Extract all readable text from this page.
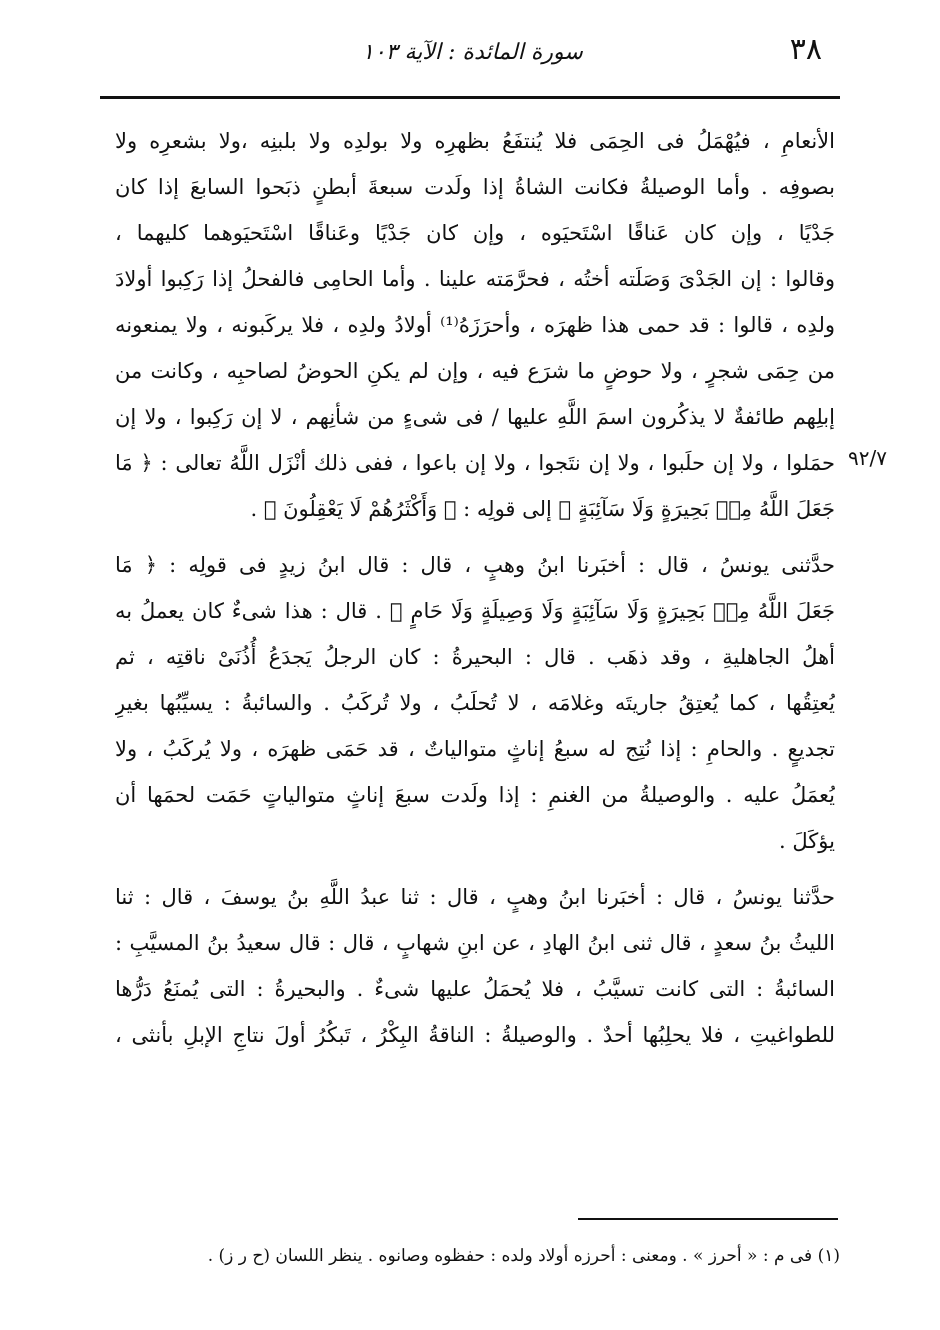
٣٨
سورة المائدة : الآية ١٠٣
٩٢/٧
الأنعامِ ، فيُهْمَلُ فى الحِمَى فلا يُنتفَعُ بظهرِه ولا بولدِه ولا بلبنِه ،ولا بشعرِه ولا
بصوفِه . وأما الوصيلةُ فكانت الشاةُ إذا ولَدت سبعةَ أبطنٍ ذبَحوا السابعَ إذا كان
جَدْيًا ، وإن كان عَناقًا اسْتَحيَوه ، وإن كان جَدْيًا وعَناقًا اسْتَحيَوهما كليهما ،
وقالوا : إن الجَدْىَ وَصَلَته أختُه ، فحرَّمَته علينا . وأما الحامِى فالفحلُ إذا رَكِبوا أولادَ
ولدِه ، قالوا : قد حمى هذا ظهرَه ، وأحرَزَهُ⁽¹⁾ أولادُ ولدِه ، فلا يركَبونه ، ولا يمنعونه
من حِمَى شجرٍ ، ولا حوضٍ ما شرَع فيه ، وإن لم يكنِ الحوضُ لصاحبِه ، وكانت من
إبلِهم طائفةٌ لا يذكُرون اسمَ اللَّهِ عليها / فى شىءٍ من شأنِهم ، لا إن رَكِبوا ، ولا إن
حمَلوا ، ولا إن حلَبوا ، ولا إن نتَجوا ، ولا إن باعوا ، ففى ذلك أنْزَل اللَّهُ تعالى : ﴿ مَا
جَعَلَ اللَّهُ مِنۢ بَحِيرَةٍ وَلَا سَآئِبَةٍ ﴾ إلى قولِه : ﴿ وَأَكْثَرُهُمْ لَا يَعْقِلُونَ ﴾ .
حدَّثنى يونسُ ، قال : أخبَرنا ابنُ وهبٍ ، قال : قال ابنُ زيدٍ فى قولِه : ﴿ مَا
جَعَلَ اللَّهُ مِنۢ بَحِيرَةٍ وَلَا سَآئِبَةٍ وَلَا وَصِيلَةٍ وَلَا حَامٍ ﴾ . قال : هذا شىءٌ كان يعملُ به
أهلُ الجاهليةِ ، وقد ذهَب . قال : البحيرةُ : كان الرجلُ يَجدَعُ أُذُنَىْ ناقتِه ، ثم
يُعتِقُها ، كما يُعتِقُ جاريتَه وغلامَه ، لا تُحلَبُ ، ولا تُركَبُ . والسائبةُ : يسيِّبُها بغيرِ
تجديعٍ . والحامِ : إذا نُتِج له سبعُ إناثٍ متوالياتٌ ، قد حَمَى ظهرَه ، ولا يُركَبُ ، ولا
يُعمَلُ عليه . والوصيلةُ من الغنمِ : إذا ولَدت سبعَ إناثٍ متوالياتٍ حَمَت لحمَها أن
يؤكَلَ .
حدَّثنا يونسُ ، قال : أخبَرنا ابنُ وهبٍ ، قال : ثنا عبدُ اللَّهِ بنُ يوسفَ ، قال : ثنا
الليثُ بنُ سعدٍ ، قال ثنى ابنُ الهادِ ، عن ابنِ شهابٍ ، قال : قال سعيدُ بنُ المسيَّبِ :
السائبةُ : التى كانت تسيَّبُ ، فلا يُحمَلُ عليها شىءٌ . والبحيرةُ : التى يُمنَعُ دَرُّها
للطواغيتِ ، فلا يحلِبُها أحدٌ . والوصيلةُ : الناقةُ البِكْرُ ، تَبكُرُ أولَ نتاجِ الإبلِ بأنثى ،
(١) فى م : « أحرز » . ومعنى : أحرزه أولاد ولده : حفظوه وصانوه . ينظر اللسان (ح ر ز) .
